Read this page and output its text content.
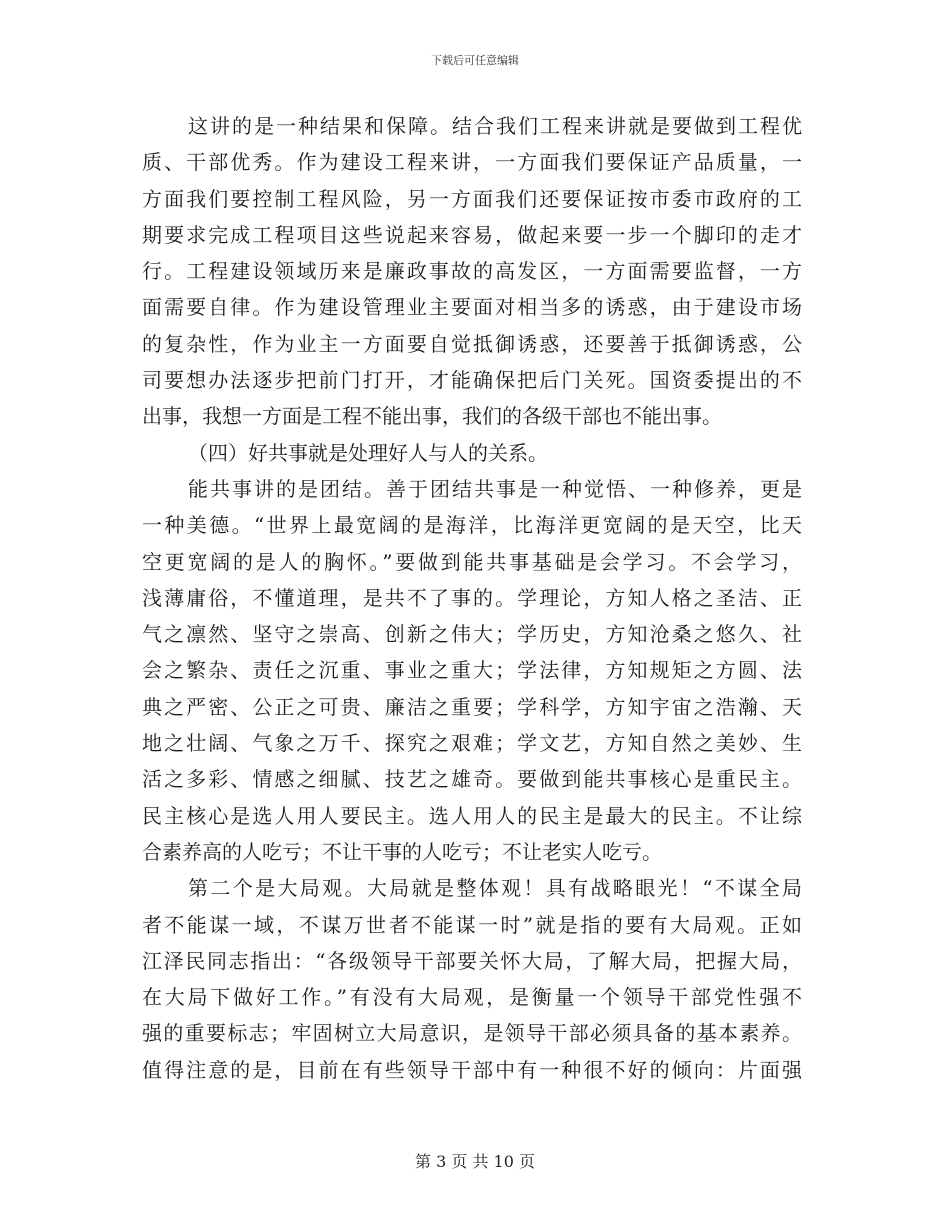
下载后可任意编辑
这讲的是一种结果和保障。结合我们工程来讲就是要做到工程优
质、干部优秀。作为建设工程来讲，一方面我们要保证产品质量，一
方面我们要控制工程风险，另一方面我们还要保证按市委市政府的工
期要求完成工程项目这些说起来容易，做起来要一步一个脚印的走才
行。工程建设领域历来是廉政事故的高发区，一方面需要监督，一方
面需要自律。作为建设管理业主要面对相当多的诱惑，由于建设市场
的复杂性，作为业主一方面要自觉抵御诱惑，还要善于抵御诱惑，公
司要想办法逐步把前门打开，才能确保把后门关死。国资委提出的不
出事，我想一方面是工程不能出事，我们的各级干部也不能出事。
（四）好共事就是处理好人与人的关系。
能共事讲的是团结。善于团结共事是一种觉悟、一种修养，更是
一种美德。“世界上最宽阔的是海洋，比海洋更宽阔的是天空，比天
空更宽阔的是人的胸怀。”要做到能共事基础是会学习。不会学习，
浅薄庸俗，不懂道理，是共不了事的。学理论，方知人格之圣洁、正
气之凛然、坚守之崇高、创新之伟大；学历史，方知沧桑之悠久、社
会之繁杂、责任之沉重、事业之重大；学法律，方知规矩之方圆、法
典之严密、公正之可贵、廉洁之重要；学科学，方知宇宙之浩瀚、天
地之壮阔、气象之万千、探究之艰难；学文艺，方知自然之美妙、生
活之多彩、情感之细腻、技艺之雄奇。要做到能共事核心是重民主。
民主核心是选人用人要民主。选人用人的民主是最大的民主。不让综
合素养高的人吃亏；不让干事的人吃亏；不让老实人吃亏。
第二个是大局观。大局就是整体观！具有战略眼光！“不谋全局
者不能谋一域，不谋万世者不能谋一时”就是指的要有大局观。正如
江泽民同志指出：“各级领导干部要关怀大局，了解大局，把握大局，
在大局下做好工作。”有没有大局观，是衡量一个领导干部党性强不
强的重要标志；牢固树立大局意识，是领导干部必须具备的基本素养。
值得注意的是，目前在有些领导干部中有一种很不好的倾向：片面强
第 3 页 共 10 页
